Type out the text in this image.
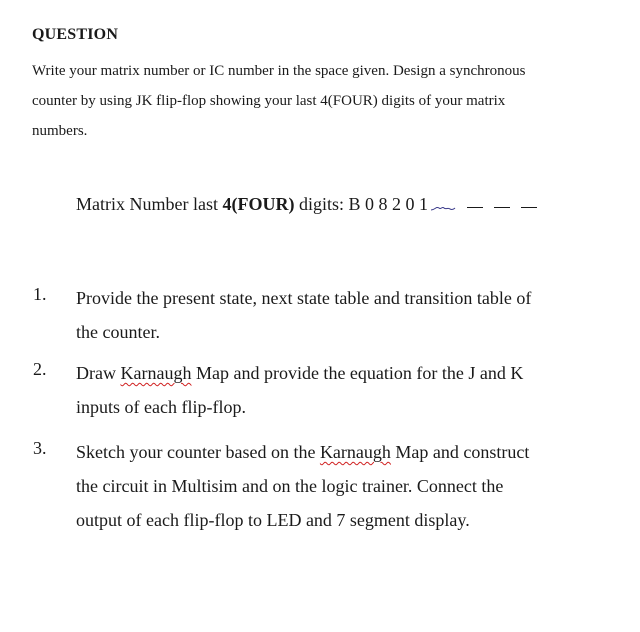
QUESTION

Write your matrix number or IC number in the space given. Design a synchronous

counter by using JK flip-flop showing your last 4(FOUR) digits of your matrix

numbers.

Matrix Number last 4(FOUR) digits: B 0 8 2 0 1
1. Provide the present state, next state table and transition table of

the counter.

2. Draw Karnaugh Map and provide the equation for the J and K

inputs of each flip-flop.

3. Sketch your counter based on the Karnaugh Map and construct

the circuit in Multisim and on the logic trainer. Connect the

output of each flip-flop to LED and 7 segment display.
